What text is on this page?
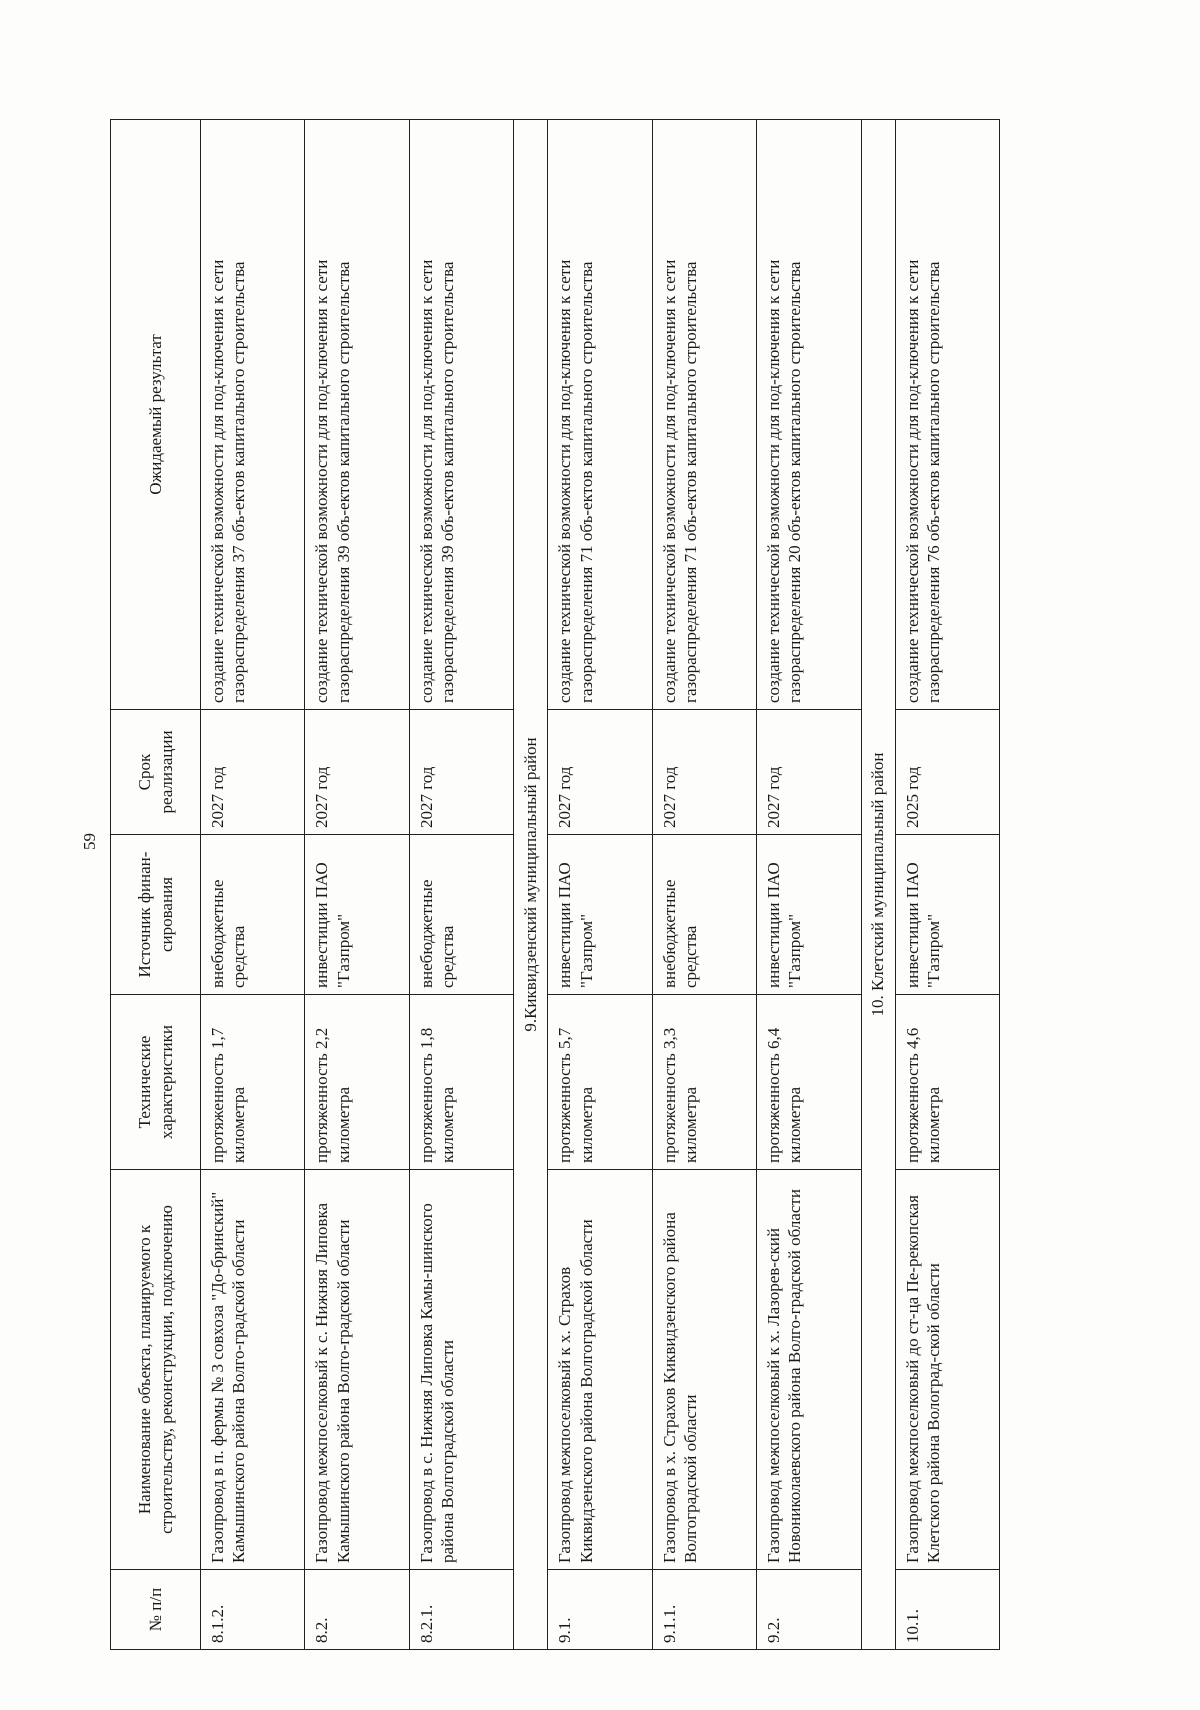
59
№ п/п	Наименование объекта, планируемого к строительству, реконструкции, подключению	Технические характеристики	Источник финан-сирования	Срок реализации	Ожидаемый результат
8.1.2.	Газопровод в п. фермы № 3 совхоза "До-бринский" Камышинского района Волго-градской области	протяженность 1,7 километра	внебюджетные средства	2027 год	создание технической возможности для под-ключения к сети газораспределения 37 объ-ектов капитального строительства
8.2.	Газопровод межпоселковый к с. Нижняя Липовка Камышинского района Волго-градской области	протяженность 2,2 километра	инвестиции ПАО "Газпром"	2027 год	создание технической возможности для под-ключения к сети газораспределения 39 объ-ектов капитального строительства
8.2.1.	Газопровод в с. Нижняя Липовка Камы-шинского района Волгоградской области	протяженность 1,8 километра	внебюджетные средства	2027 год	создание технической возможности для под-ключения к сети газораспределения 39 объ-ектов капитального строительства
9.Киквидзенский муниципальный район					
9.1.	Газопровод межпоселковый к х. Страхов Киквидзенского района Волгоградской области	протяженность 5,7 километра	инвестиции ПАО "Газпром"	2027 год	создание технической возможности для под-ключения к сети газораспределения 71 объ-ектов капитального строительства
9.1.1.	Газопровод в х. Страхов Киквидзенского района Волгоградской области	протяженность 3,3 километра	внебюджетные средства	2027 год	создание технической возможности для под-ключения к сети газораспределения 71 объ-ектов капитального строительства
9.2.	Газопровод межпоселковый к х. Лазорев-ский Новониколаевского района Волго-градской области	протяженность 6,4 километра	инвестиции ПАО "Газпром"	2027 год	создание технической возможности для под-ключения к сети газораспределения 20 объ-ектов капитального строительства
10. Клетский муниципальный район					
10.1.	Газопровод межпоселковый до ст-ца Пе-рекопская Клетского района Волоград-ской области	протяженность 4,6 километра	инвестиции ПАО "Газпром"	2025 год	создание технической возможности для под-ключения к сети газораспределения 76 объ-ектов капитального строительства
